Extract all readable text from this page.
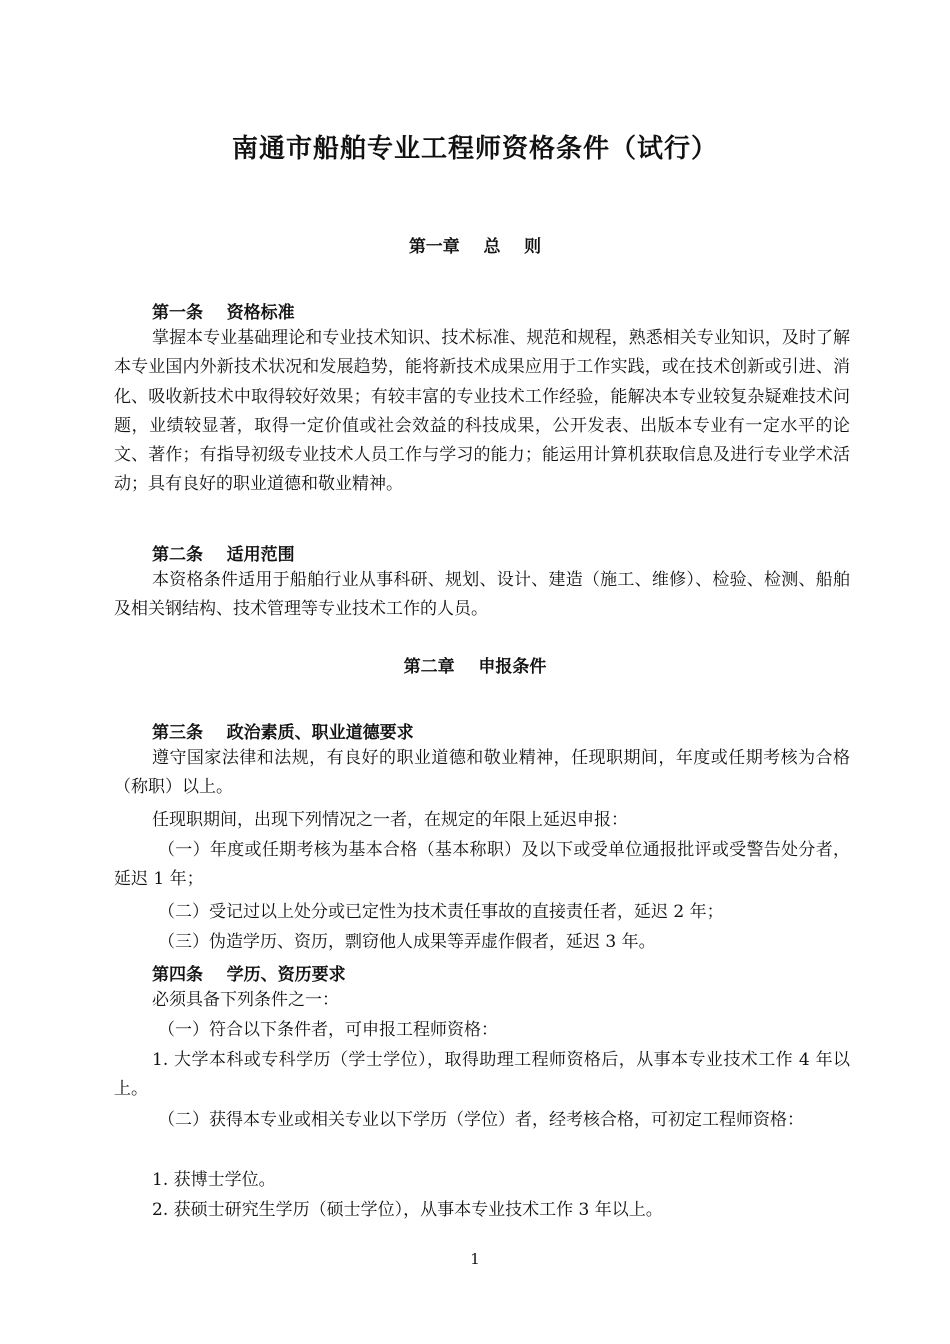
南通市船舶专业工程师资格条件（试行）
第一章    总    则
第一条    资格标准

掌握本专业基础理论和专业技术知识、技术标准、规范和规程，熟悉相关专业知识，及时了解本专业国内外新技术状况和发展趋势，能将新技术成果应用于工作实践，或在技术创新或引进、消化、吸收新技术中取得较好效果；有较丰富的专业技术工作经验，能解决本专业较复杂疑难技术问题，业绩较显著，取得一定价值或社会效益的科技成果，公开发表、出版本专业有一定水平的论文、著作；有指导初级专业技术人员工作与学习的能力；能运用计算机获取信息及进行专业学术活动；具有良好的职业道德和敬业精神。

第二条    适用范围

本资格条件适用于船舶行业从事科研、规划、设计、建造（施工、维修）、检验、检测、船舶及相关钢结构、技术管理等专业技术工作的人员。

第二章    申报条件
第三条    政治素质、职业道德要求

遵守国家法律和法规，有良好的职业道德和敬业精神，任现职期间，年度或任期考核为合格（称职）以上。

任现职期间，出现下列情况之一者，在规定的年限上延迟申报：

（一）年度或任期考核为基本合格（基本称职）及以下或受单位通报批评或受警告处分者，延迟 1 年；

（二）受记过以上处分或已定性为技术责任事故的直接责任者，延迟 2 年；

（三）伪造学历、资历，剽窃他人成果等弄虚作假者，延迟 3 年。

第四条    学历、资历要求

必须具备下列条件之一：

（一）符合以下条件者，可申报工程师资格：

1. 大学本科或专科学历（学士学位），取得助理工程师资格后，从事本专业技术工作 4 年以上。

（二）获得本专业或相关专业以下学历（学位）者，经考核合格，可初定工程师资格：

1. 获博士学位。

2. 获硕士研究生学历（硕士学位），从事本专业技术工作 3 年以上。

1
